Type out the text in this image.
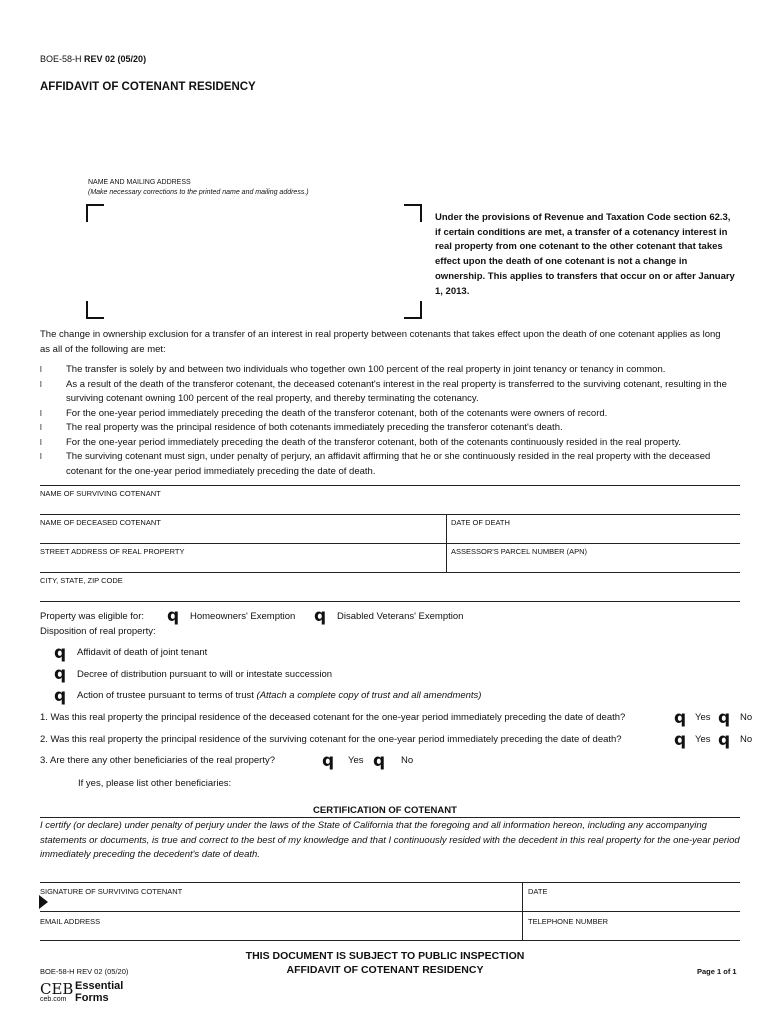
BOE-58-H REV 02 (05/20)
AFFIDAVIT OF COTENANT RESIDENCY
NAME AND MAILING ADDRESS
(Make necessary corrections to the printed name and mailing address.)
Under the provisions of Revenue and Taxation Code section 62.3, if certain conditions are met, a transfer of a cotenancy interest in real property from one cotenant to the other cotenant that takes effect upon the death of one cotenant is not a change in ownership. This applies to transfers that occur on or after January 1, 2013.
The change in ownership exclusion for a transfer of an interest in real property between cotenants that takes effect upon the death of one cotenant applies as long as all of the following are met:
l	The transfer is solely by and between two individuals who together own 100 percent of the real property in joint tenancy or tenancy in common.
l	As a result of the death of the transferor cotenant, the deceased cotenant's interest in the real property is transferred to the surviving cotenant, resulting in the surviving cotenant owning 100 percent of the real property, and thereby terminating the cotenancy.
l	For the one-year period immediately preceding the death of the transferor cotenant, both of the cotenants were owners of record.
l	The real property was the principal residence of both cotenants immediately preceding the transferor cotenant's death.
l	For the one-year period immediately preceding the death of the transferor cotenant, both of the cotenants continuously resided in the real property.
l	The surviving cotenant must sign, under penalty of perjury, an affidavit affirming that he or she continuously resided in the real property with the deceased cotenant for the one-year period immediately preceding the date of death.
NAME OF SURVIVING COTENANT
NAME OF DECEASED COTENANT	DATE OF DEATH
STREET ADDRESS OF REAL PROPERTY	ASSESSOR'S PARCEL NUMBER (APN)
CITY, STATE, ZIP CODE
Property was eligible for: q Homeowners' Exemption q Disabled Veterans' Exemption
Disposition of real property:
q Affidavit of death of joint tenant
q Decree of distribution pursuant to will or intestate succession
q Action of trustee pursuant to terms of trust (Attach a complete copy of trust and all amendments)
1. Was this real property the principal residence of the deceased cotenant for the one-year period immediately preceding the date of death?	q Yes q No
2. Was this real property the principal residence of the surviving cotenant for the one-year period immediately preceding the date of death?	q Yes q No
3. Are there any other beneficiaries of the real property?	q Yes q No
If yes, please list other beneficiaries:
CERTIFICATION OF COTENANT
I certify (or declare) under penalty of perjury under the laws of the State of California that the foregoing and all information hereon, including any accompanying statements or documents, is true and correct to the best of my knowledge and that I continuously resided with the decedent in this real property for the one-year period immediately preceding the decedent's date of death.
SIGNATURE OF SURVIVING COTENANT	DATE
EMAIL ADDRESS	TELEPHONE NUMBER
THIS DOCUMENT IS SUBJECT TO PUBLIC INSPECTION
AFFIDAVIT OF COTENANT RESIDENCY
BOE-58-H REV 02 (05/20)	Page 1 of 1
CEB
ceb.com
Essential
Forms
